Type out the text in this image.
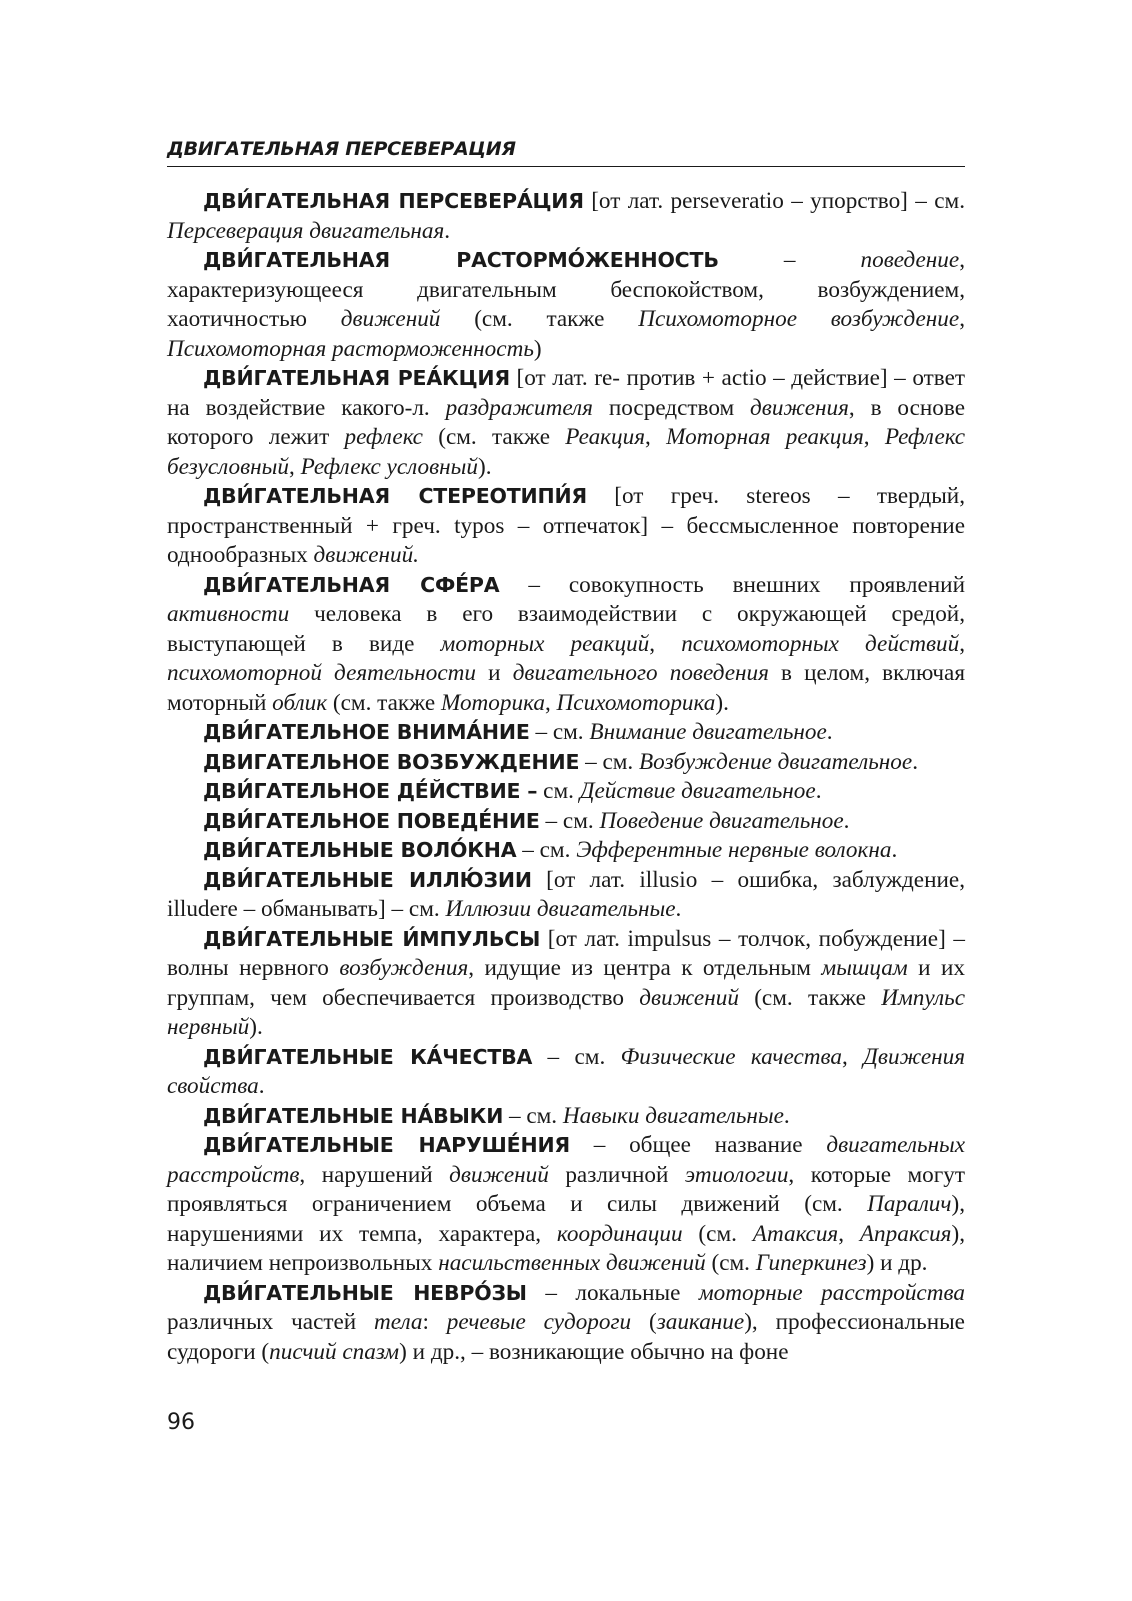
ДВИГАТЕЛЬНАЯ ПЕРСЕВЕРАЦИЯ

ДВИ́ГАТЕЛЬНАЯ ПЕРСЕВЕРА́ЦИЯ [от лат. perseveratio – упорство] – см. Персеверация двигательная.

ДВИ́ГАТЕЛЬНАЯ РАСТОРМО́ЖЕННОСТЬ – поведение, характеризующееся двигательным беспокойством, возбуждением, хаотичностью движений (см. также Психомоторное возбуждение, Психомоторная расторможенность)

ДВИ́ГАТЕЛЬНАЯ РЕА́КЦИЯ [от лат. re- против + actio – действие] – ответ на воздействие какого-л. раздражителя посредством движения, в основе которого лежит рефлекс (см. также Реакция, Моторная реакция, Рефлекс безусловный, Рефлекс условный).

ДВИ́ГАТЕЛЬНАЯ СТЕРЕОТИПИ́Я [от греч. stereos – твердый, пространственный + греч. typos – отпечаток] – бессмысленное повторение однообразных движений.

ДВИ́ГАТЕЛЬНАЯ СФЕ́РА – совокупность внешних проявлений активности человека в его взаимодействии с окружающей средой, выступающей в виде моторных реакций, психомоторных действий, психомоторной деятельности и двигательного поведения в целом, включая моторный облик (см. также Моторика, Психомоторика).

ДВИ́ГАТЕЛЬНОЕ ВНИМА́НИЕ – см. Внимание двигательное.

ДВИГАТЕЛЬНОЕ ВОЗБУЖДЕНИЕ – см. Возбуждение двигательное.

ДВИ́ГАТЕЛЬНОЕ ДЕ́ЙСТВИЕ – см. Действие двигательное.

ДВИ́ГАТЕЛЬНОЕ ПОВЕДЕ́НИЕ – см. Поведение двигательное.

ДВИ́ГАТЕЛЬНЫЕ ВОЛО́КНА – см. Эфферентные нервные волокна.

ДВИ́ГАТЕЛЬНЫЕ ИЛЛЮ́ЗИИ [от лат. illusio – ошибка, заблуждение, illudere – обманывать] – см. Иллюзии двигательные.

ДВИ́ГАТЕЛЬНЫЕ И́МПУЛЬСЫ [от лат. impulsus – толчок, побуждение] – волны нервного возбуждения, идущие из центра к отдельным мышцам и их группам, чем обеспечивается производство движений (см. также Импульс нервный).

ДВИ́ГАТЕЛЬНЫЕ КА́ЧЕСТВА – см. Физические качества, Движения свойства.

ДВИ́ГАТЕЛЬНЫЕ НА́ВЫКИ – см. Навыки двигательные.

ДВИ́ГАТЕЛЬНЫЕ НАРУШЕ́НИЯ – общее название двигательных расстройств, нарушений движений различной этиологии, которые могут проявляться ограничением объема и силы движений (см. Паралич), нарушениями их темпа, характера, координации (см. Атаксия, Апраксия), наличием непроизвольных насильственных движений (см. Гиперкинез) и др.

ДВИ́ГАТЕЛЬНЫЕ НЕВРО́ЗЫ – локальные моторные расстройства различных частей тела: речевые судороги (заикание), профессиональные судороги (писчий спазм) и др., – возникающие обычно на фоне

96
